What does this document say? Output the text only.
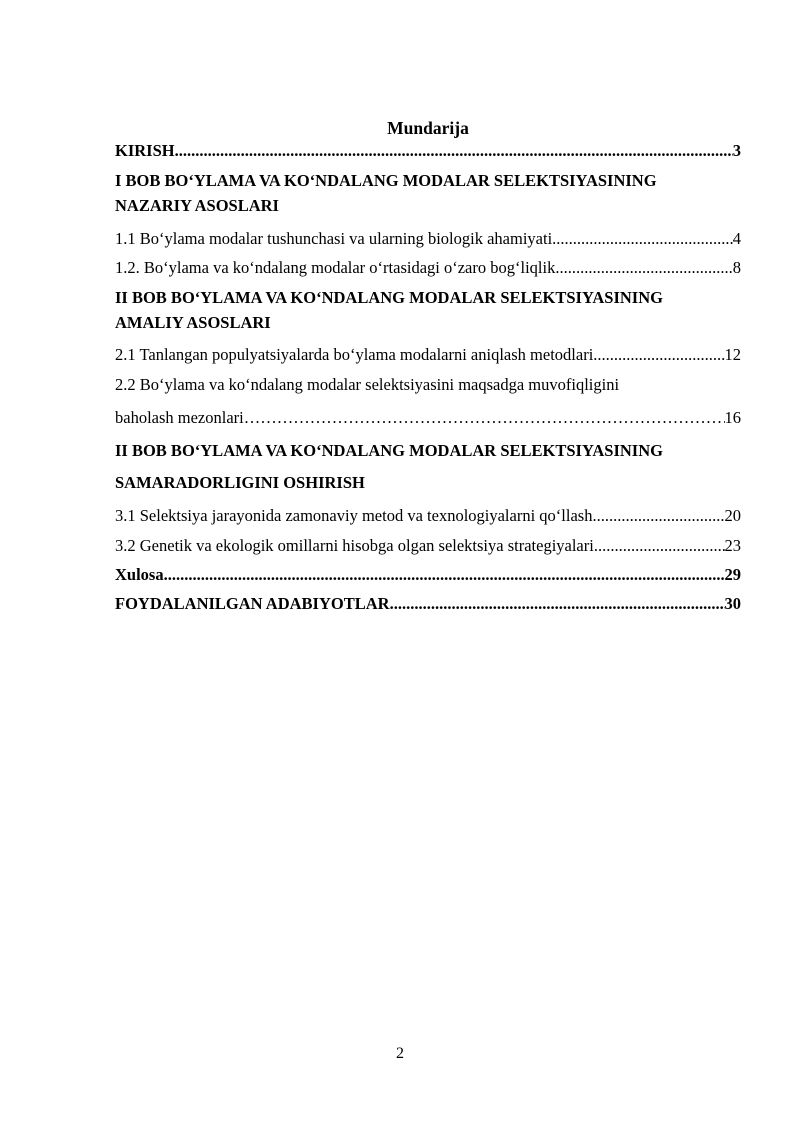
Mundarija
KIRISH .....	3
I BOB BO‘YLAMA VA KO‘NDALANG MODALAR SELEKTSIYASINING
NAZARIY ASOSLARI
1.1 Bo‘ylama modalar tushunchasi va ularning biologik ahamiyati .....	4
1.2. Bo‘ylama va ko‘ndalang modalar o‘rtasidagi o‘zaro bog‘liqlik .....	8
II BOB BO‘YLAMA VA KO‘NDALANG MODALAR SELEKTSIYASINING
AMALIY ASOSLARI
2.1 Tanlangan populyatsiyalarda bo‘ylama modalarni aniqlash metodlari .....	12
2.2 Bo‘ylama va ko‘ndalang modalar selektsiyasini maqsadga muvofiqligini
baholash mezonlari …………………………………………………………………………………………………………………………………………………………………………………………	16
II BOB BO‘YLAMA VA KO‘NDALANG MODALAR SELEKTSIYASINING
SAMARADORLIGINI OSHIRISH
3.1 Selektsiya jarayonida zamonaviy metod va texnologiyalarni qo‘llash .....	20
3.2 Genetik va ekologik omillarni hisobga olgan selektsiya strategiyalari .....	23
Xulosa .....	29
FOYDALANILGAN ADABIYOTLAR .....	30
2
